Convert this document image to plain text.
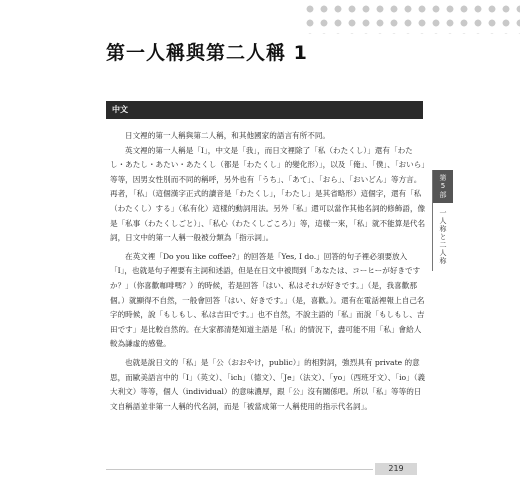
第一人稱與第二人稱 1
中文

日文裡的第一人稱與第二人稱，和其他國家的語言有所不同。

英文裡的第一人稱是「I」，中文是「我」，而日文裡除了「私（わたくし）」還有「わたし・あたし・あたい・あたくし（都是「わたくし」的變化形）」，以及「俺」、「僕」、「おいら」等等，因男女性別而不同的稱呼，另外也有「うち」、「あて」、「おら」、「おいどん」等方言。再者，「私」（這個漢字正式的讀音是「わたくし」，「わたし」是其省略形）這個字，還有「私（わたくし）する」（私有化）這樣的動詞用法。另外「私」還可以當作其他名詞的修飾語，像是「私事（わたくしごと）」、「私心（わたくしごころ）」等，這樣一來，「私」就不能算是代名詞，日文中的第一人稱一般被分類為「指示詞」。

在英文裡「Do you like coffee?」的回答是「Yes, I do.」回答的句子裡必須要放入「I」，也就是句子裡要有主詞和述語，但是在日文中被問到「あなたは、コーヒーが好きですか？」（你喜歡咖啡嗎？）的時候，若是回答「はい、私はそれが好きです。」（是，我喜歡那個。）就顯得不自然，一般會回答「はい、好きです。」（是，喜歡。）。還有在電話裡報上自己名字的時候，說「もしもし、私は吉田です。」也不自然，不說主語的「私」而說「もしもし、吉田です」是比較自然的。在大家都清楚知道主語是「私」的情況下，盡可能不用「私」會給人較為謙虛的感覺。

也就是說日文的「私」是「公（おおやけ，public）」的相對詞，強烈具有 private 的意思，而歐美語言中的「I」（英文）、「ich」（德文）、「Je」（法文）、「yo」（西班牙文）、「io」（義大利文）等等，個人（individual）的意味濃厚，跟「公」沒有關係吧。所以「私」等等的日文自稱語並非第一人稱的代名詞，而是「被當成第一人稱使用的指示代名詞」。

第5部
一人称と二人称
219
